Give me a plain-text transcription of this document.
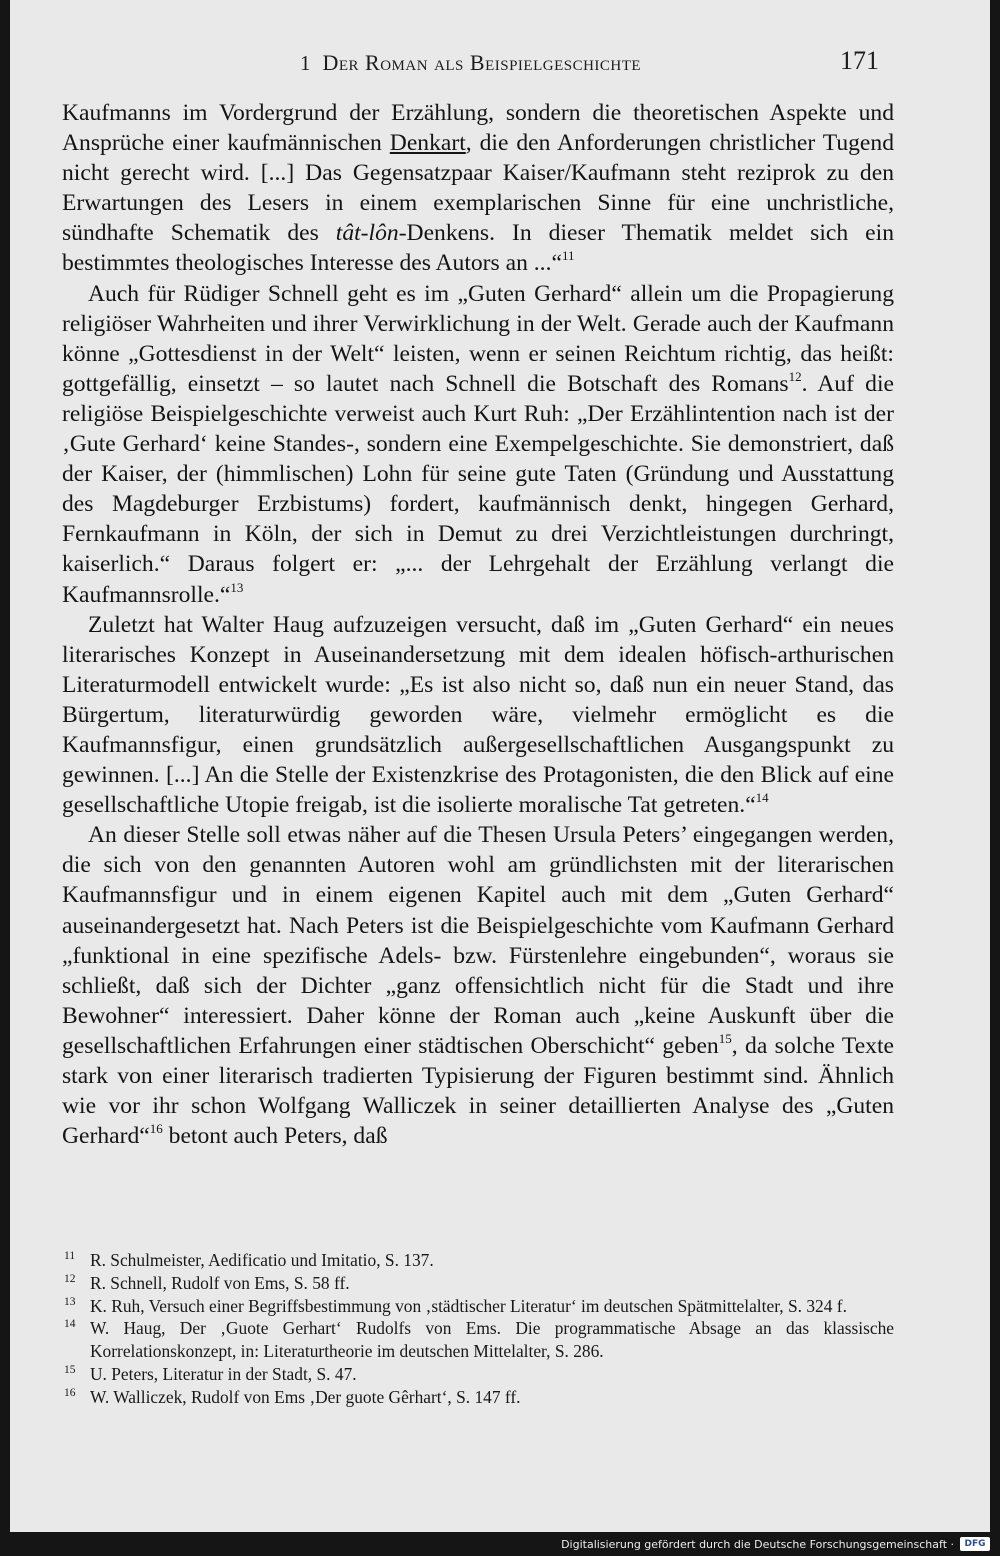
1 Der Roman als Beispielgeschichte	171

Kaufmanns im Vordergrund der Erzählung, sondern die theoretischen Aspekte und Ansprüche einer kaufmännischen Denkart, die den Anforderungen christlicher Tugend nicht gerecht wird. [...] Das Gegensatzpaar Kaiser/Kaufmann steht reziprok zu den Erwartungen des Lesers in einem exemplarischen Sinne für eine unchristliche, sündhafte Schematik des tât-lôn-Denkens. In dieser Thematik meldet sich ein bestimmtes theologisches Interesse des Autors an ...“$^{11}$

Auch für Rüdiger Schnell geht es im „Guten Gerhard“ allein um die Propagierung religiöser Wahrheiten und ihrer Verwirklichung in der Welt. Gerade auch der Kaufmann könne „Gottesdienst in der Welt“ leisten, wenn er seinen Reichtum richtig, das heißt: gottgefällig, einsetzt – so lautet nach Schnell die Botschaft des Romans$^{12}$. Auf die religiöse Beispielgeschichte verweist auch Kurt Ruh: „Der Erzählintention nach ist der ‚Gute Gerhard‘ keine Standes-, sondern eine Exempelgeschichte. Sie demonstriert, daß der Kaiser, der (himmlischen) Lohn für seine gute Taten (Gründung und Ausstattung des Magdeburger Erzbistums) fordert, kaufmännisch denkt, hingegen Gerhard, Fernkaufmann in Köln, der sich in Demut zu drei Verzichtleistungen durchringt, kaiserlich.“ Daraus folgert er: „... der Lehrgehalt der Erzählung verlangt die Kaufmannsrolle.“$^{13}$

Zuletzt hat Walter Haug aufzuzeigen versucht, daß im „Guten Gerhard“ ein neues literarisches Konzept in Auseinandersetzung mit dem idealen höfisch-arthurischen Literaturmodell entwickelt wurde: „Es ist also nicht so, daß nun ein neuer Stand, das Bürgertum, literaturwürdig geworden wäre, vielmehr ermöglicht es die Kaufmannsfigur, einen grundsätzlich außergesellschaftlichen Ausgangspunkt zu gewinnen. [...] An die Stelle der Existenzkrise des Protagonisten, die den Blick auf eine gesellschaftliche Utopie freigab, ist die isolierte moralische Tat getreten.“$^{14}$

An dieser Stelle soll etwas näher auf die Thesen Ursula Peters’ eingegangen werden, die sich von den genannten Autoren wohl am gründlichsten mit der literarischen Kaufmannsfigur und in einem eigenen Kapitel auch mit dem „Guten Gerhard“ auseinandergesetzt hat. Nach Peters ist die Beispielgeschichte vom Kaufmann Gerhard „funktional in eine spezifische Adels- bzw. Fürstenlehre eingebunden“, woraus sie schließt, daß sich der Dichter „ganz offensichtlich nicht für die Stadt und ihre Bewohner“ interessiert. Daher könne der Roman auch „keine Auskunft über die gesellschaftlichen Erfahrungen einer städtischen Oberschicht“ geben$^{15}$, da solche Texte stark von einer literarisch tradierten Typisierung der Figuren bestimmt sind. Ähnlich wie vor ihr schon Wolfgang Walliczek in seiner detaillierten Analyse des „Guten Gerhard“$^{16}$ betont auch Peters, daß

11 R. Schulmeister, Aedificatio und Imitatio, S. 137.
12 R. Schnell, Rudolf von Ems, S. 58 ff.
13 K. Ruh, Versuch einer Begriffsbestimmung von ‚städtischer Literatur‘ im deutschen Spätmittelalter, S. 324 f.
14 W. Haug, Der ‚Guote Gerhart‘ Rudolfs von Ems. Die programmatische Absage an das klassische Korrelationskonzept, in: Literaturtheorie im deutschen Mittelalter, S. 286.
15 U. Peters, Literatur in der Stadt, S. 47.
16 W. Walliczek, Rudolf von Ems ‚Der guote Gêrhart‘, S. 147 ff.
Digitalisierung gefördert durch die Deutsche Forschungsgemeinschaft ·	DFG
